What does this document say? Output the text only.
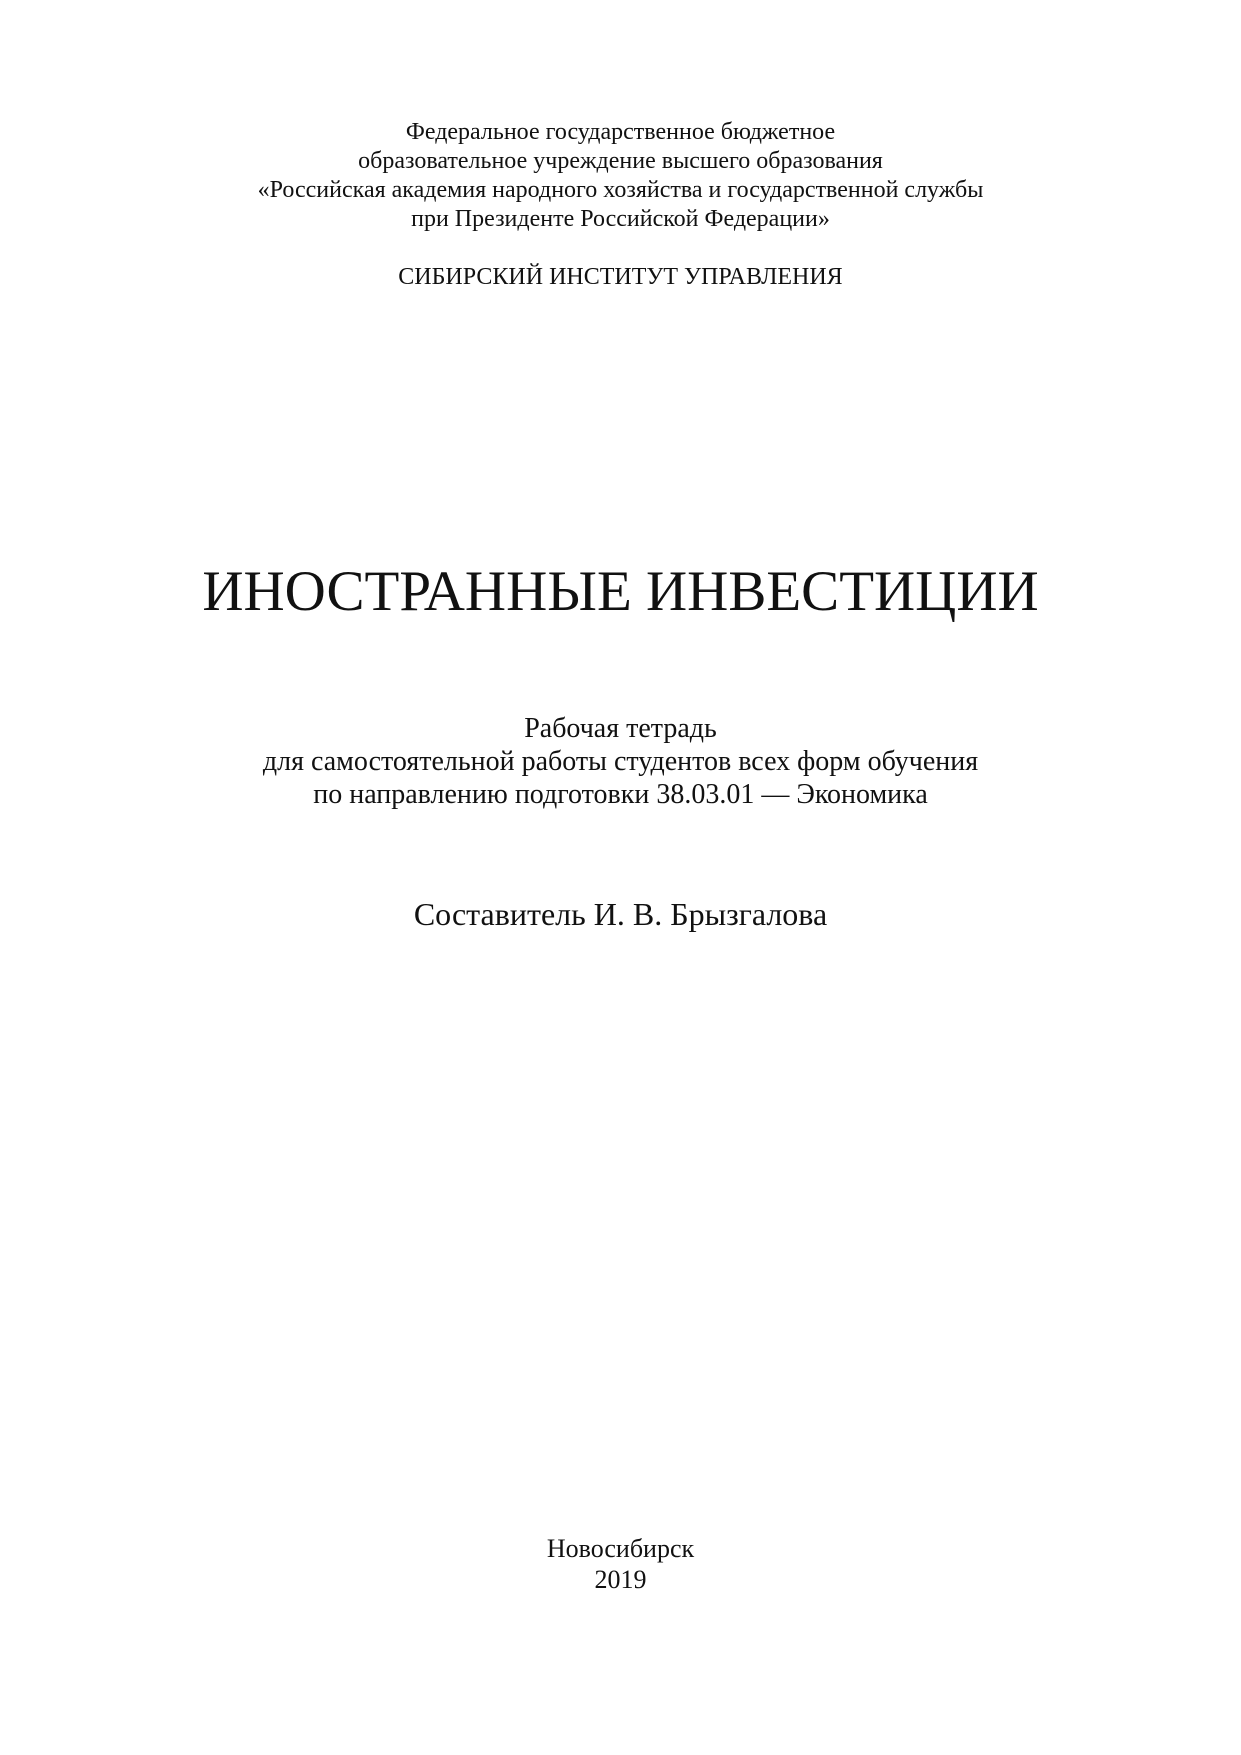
Федеральное государственное бюджетное
образовательное учреждение высшего образования
«Российская академия народного хозяйства и государственной службы
при Президенте Российской Федерации»
СИБИРСКИЙ ИНСТИТУТ УПРАВЛЕНИЯ
ИНОСТРАННЫЕ ИНВЕСТИЦИИ
Рабочая тетрадь
для самостоятельной работы студентов всех форм обучения
по направлению подготовки 38.03.01 — Экономика
Составитель И. В. Брызгалова
Новосибирск
2019
